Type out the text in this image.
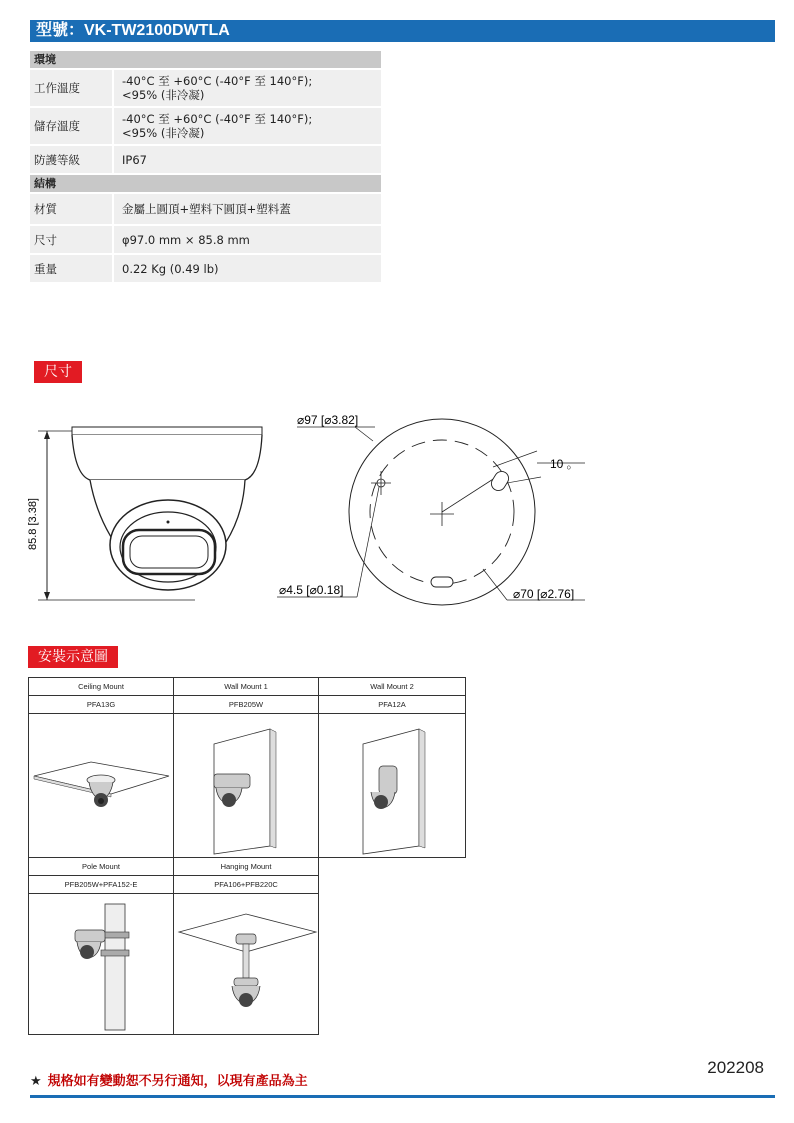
型號：VK-TW2100DWTLA
環境
工作溫度	-40°C 至 +60°C (-40°F 至 140°F);
<95% (非冷凝)
儲存溫度	-40°C 至 +60°C (-40°F 至 140°F);
<95% (非冷凝)
防護等級	IP67
結構
材質	金屬上圓頂+塑料下圓頂+塑料蓋
尺寸	φ97.0 mm × 85.8 mm
重量	0.22 Kg (0.49 lb)
尺寸
85.8 [3.38]
10 。
⌀97 [⌀3.82]
⌀4.5 [⌀0.18]	⌀70 [⌀2.76]
安裝示意圖
Ceiling Mount	Wall Mount 1	Wall Mount 2
PFA13G	PFB205W	PFA12A
Pole Mount	Hanging Mount
PFB205W+PFA152-E	PFA106+PFB220C
★ 規格如有變動恕不另行通知，以現有產品為主
202208
